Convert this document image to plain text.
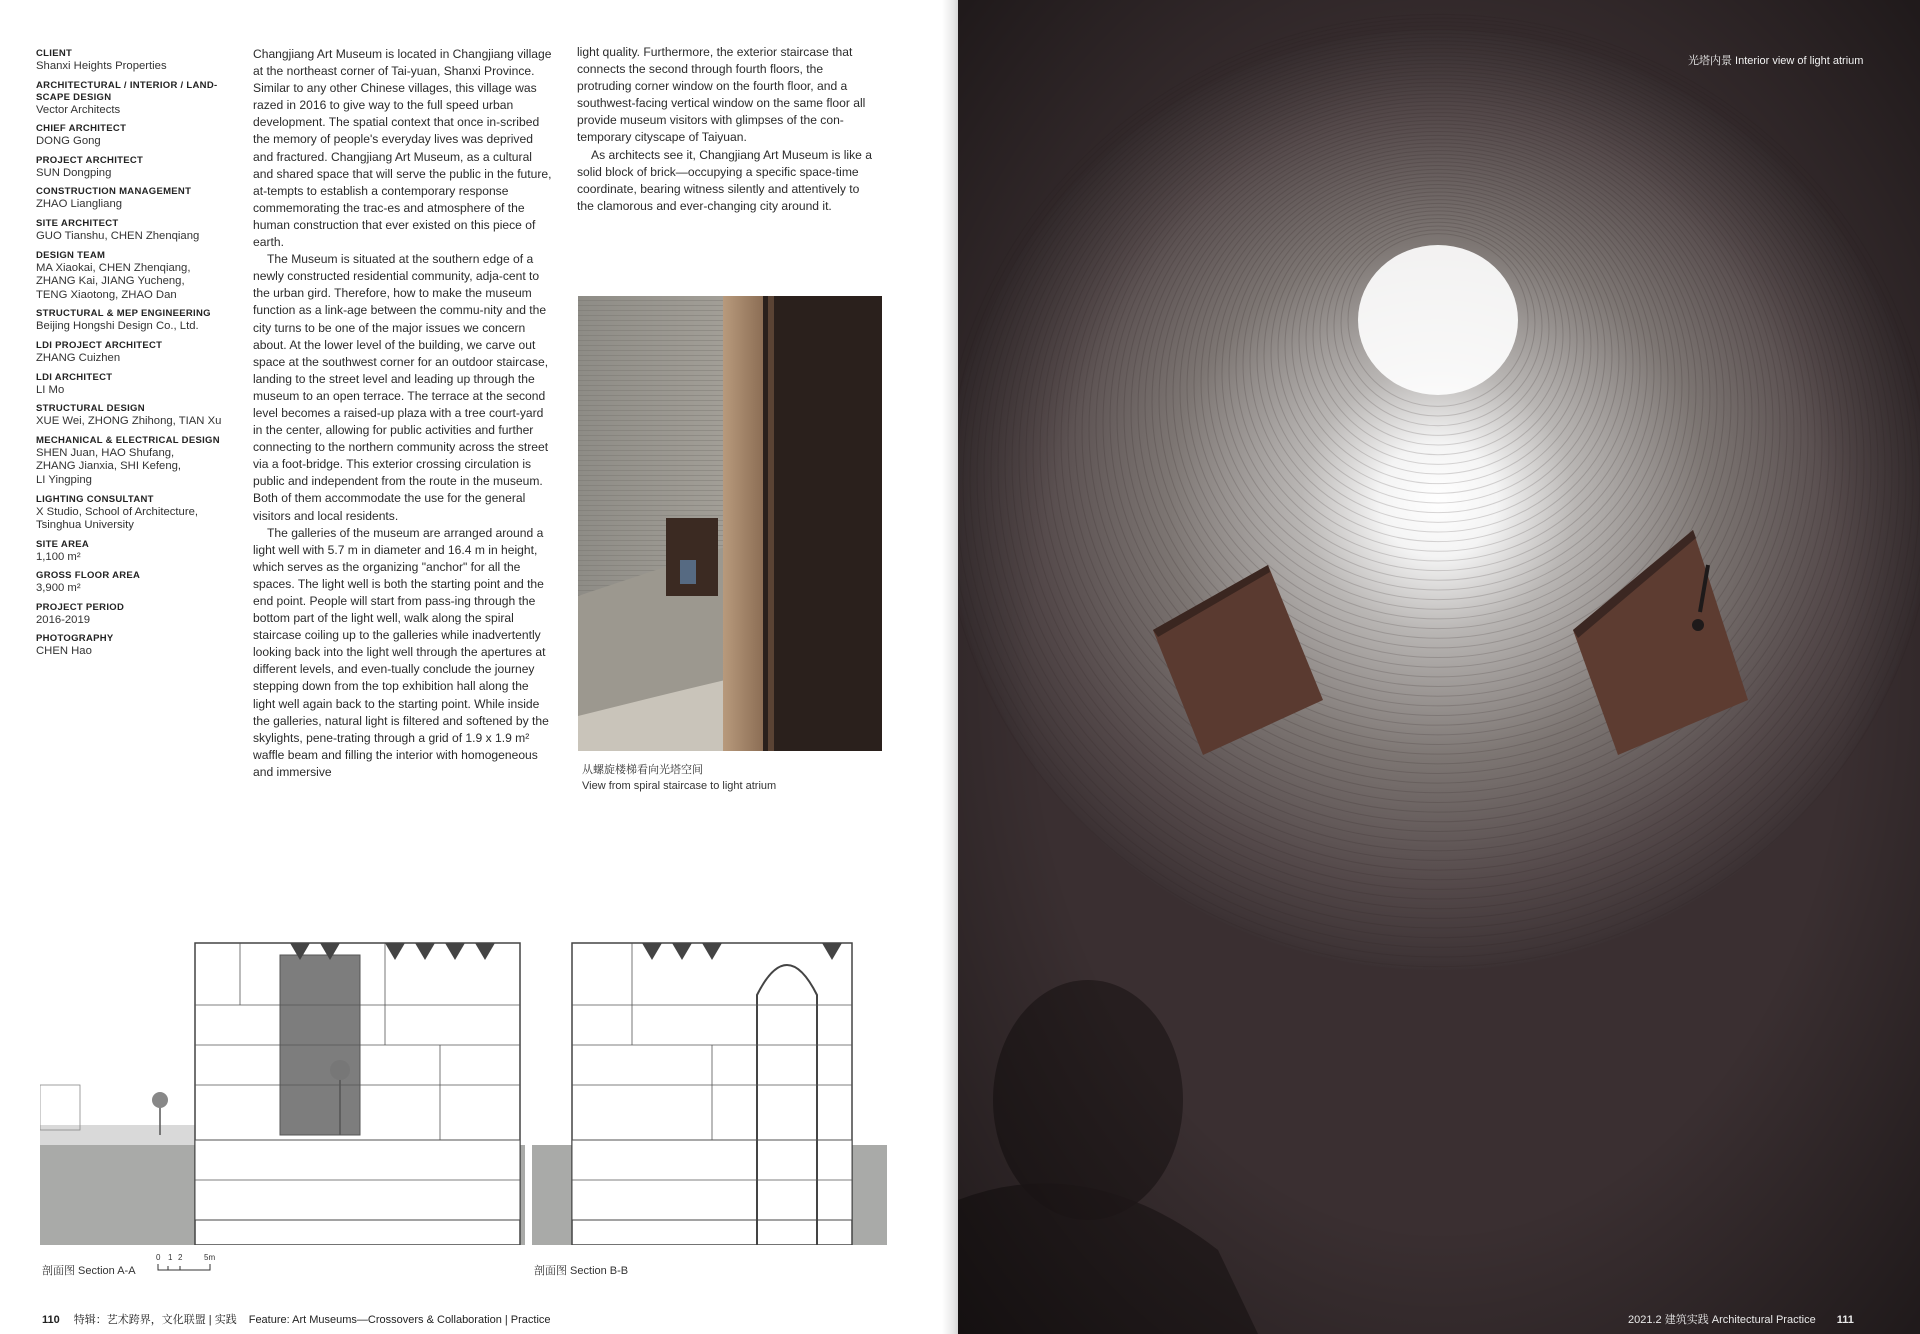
CLIENT
Shanxi Heights Properties
ARCHITECTURAL / INTERIOR / LAND-SCAPE DESIGN
Vector Architects
CHIEF ARCHITECT
DONG Gong
PROJECT ARCHITECT
SUN Dongping
CONSTRUCTION MANAGEMENT
ZHAO Liangliang
SITE ARCHITECT
GUO Tianshu, CHEN Zhenqiang
DESIGN TEAM
MA Xiaokai, CHEN Zhenqiang,
ZHANG Kai, JIANG Yucheng,
TENG Xiaotong, ZHAO Dan
STRUCTURAL & MEP ENGINEERING
Beijing Hongshi Design Co., Ltd.
LDI PROJECT ARCHITECT
ZHANG Cuizhen
LDI ARCHITECT
LI Mo
STRUCTURAL DESIGN
XUE Wei, ZHONG Zhihong, TIAN Xu
MECHANICAL & ELECTRICAL DESIGN
SHEN Juan, HAO Shufang,
ZHANG Jianxia, SHI Kefeng,
LI Yingping
LIGHTING CONSULTANT
X Studio, School of Architecture,
Tsinghua University
SITE AREA
1,100 m²
GROSS FLOOR AREA
3,900 m²
PROJECT PERIOD
2016-2019
PHOTOGRAPHY
CHEN Hao

Changjiang Art Museum is located in Changjiang village at the northeast corner of Tai-yuan, Shanxi Province. Similar to any other Chinese villages, this village was razed in 2016 to give way to the full speed urban development. The spatial context that once in-scribed the memory of people's everyday lives was deprived and fractured. Changjiang Art Museum, as a cultural and shared space that will serve the public in the future, at-tempts to establish a contemporary response commemorating the trac-es and atmosphere of the human construction that ever existed on this piece of earth.

The Museum is situated at the southern edge of a newly constructed residential community, adja-cent to the urban gird. Therefore, how to make the museum function as a link-age between the commu-nity and the city turns to be one of the major issues we concern about. At the lower level of the building, we carve out space at the southwest corner for an outdoor staircase, landing to the street level and leading up through the museum to an open terrace. The terrace at the second level becomes a raised-up plaza with a tree court-yard in the center, allowing for public activities and further connecting to the northern community across the street via a foot-bridge. This exterior crossing circulation is public and independent from the route in the museum. Both of them accommodate the use for the general visitors and local residents.

The galleries of the museum are arranged around a light well with 5.7 m in diameter and 16.4 m in height, which serves as the organizing "anchor" for all the spaces. The light well is both the starting point and the end point. People will start from pass-ing through the bottom part of the light well, walk along the spiral staircase coiling up to the galleries while inadvertently looking back into the light well through the apertures at different levels, and even-tually conclude the journey stepping down from the top exhibition hall along the light well again back to the starting point. While inside the galleries, natural light is filtered and softened by the skylights, pene-trating through a grid of 1.9 x 1.9 m² waffle beam and filling the interior with homogeneous and immersive

light quality. Furthermore, the exterior staircase that connects the second through fourth floors, the protruding corner window on the fourth floor, and a southwest-facing vertical window on the same floor all provide museum visitors with glimpses of the con-temporary cityscape of Taiyuan.

As architects see it, Changjiang Art Museum is like a solid block of brick—occupying a specific space-time coordinate, bearing witness silently and attentively to the clamorous and ever-changing city around it.

从螺旋楼梯看向光塔空间
View from spiral staircase to light atrium
剖面图 Section A-A
0 1 2	5m
剖面图 Section B-B
110 特辑：艺术跨界，文化联盟 | 实践 Feature: Art Museums—Crossovers & Collaboration | Practice
光塔内景 Interior view of light atrium
2021.2 建筑实践 Architectural Practice 111
